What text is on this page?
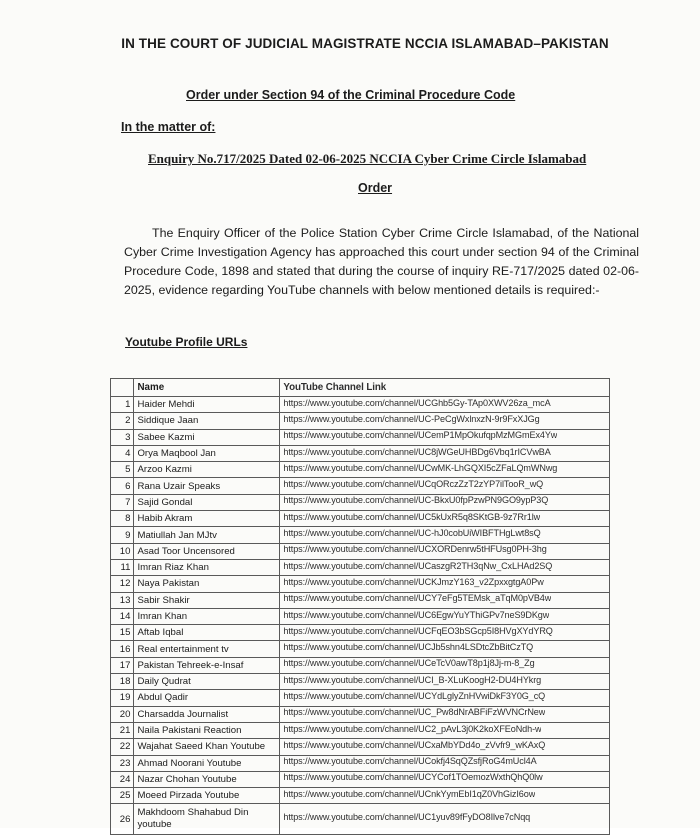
IN THE COURT OF JUDICIAL MAGISTRATE NCCIA ISLAMABAD–PAKISTAN
Order under Section 94 of the Criminal Procedure Code
In the matter of:
Enquiry No.717/2025 Dated 02-06-2025 NCCIA Cyber Crime Circle Islamabad
Order
The Enquiry Officer of the Police Station Cyber Crime Circle Islamabad, of the National Cyber Crime Investigation Agency has approached this court under section 94 of the Criminal Procedure Code, 1898 and stated that during the course of inquiry RE-717/2025 dated 02-06-2025, evidence regarding YouTube channels with below mentioned details is required:-
Youtube Profile URLs
	Name	YouTube Channel Link
1	Haider Mehdi	https://www.youtube.com/channel/UCGhb5Gy-TAp0XWV26za_mcA
2	Siddique Jaan	https://www.youtube.com/channel/UC-PeCgWxlnxzN-9r9FxXJGg
3	Sabee Kazmi	https://www.youtube.com/channel/UCemP1MpOkufqpMzMGmEx4Yw
4	Orya Maqbool Jan	https://www.youtube.com/channel/UC8jWGeUHBDg6Vbq1rICVwBA
5	Arzoo Kazmi	https://www.youtube.com/channel/UCwMK-LhGQXI5cZFaLQmWNwg
6	Rana Uzair Speaks	https://www.youtube.com/channel/UCqORczZzT2zYP7ilTooR_wQ
7	Sajid Gondal	https://www.youtube.com/channel/UC-BkxU0fpPzwPN9GO9ypP3Q
8	Habib Akram	https://www.youtube.com/channel/UC5kUxR5q8SKtGB-9z7Rr1lw
9	Matiullah Jan MJtv	https://www.youtube.com/channel/UC-hJ0cobUiWIBFTHgLwt8sQ
10	Asad Toor Uncensored	https://www.youtube.com/channel/UCXORDenrw5tHFUsg0PH-3hg
11	Imran Riaz Khan	https://www.youtube.com/channel/UCaszgR2TH3qNw_CxLHAd2SQ
12	Naya Pakistan	https://www.youtube.com/channel/UCKJmzY163_v2ZpxxgtgA0Pw
13	Sabir Shakir	https://www.youtube.com/channel/UCY7eFg5TEMsk_aTqM0pVB4w
14	Imran Khan	https://www.youtube.com/channel/UC6EgwYuYThiGPv7neS9DKgw
15	Aftab Iqbal	https://www.youtube.com/channel/UCFqEO3bSGcp5I8HVgXYdYRQ
16	Real entertainment tv	https://www.youtube.com/channel/UCJb5shn4LSDtcZbBitCzTQ
17	Pakistan Tehreek-e-Insaf	https://www.youtube.com/channel/UCeTcV0awT8p1j8Jj-m-8_Zg
18	Daily Qudrat	https://www.youtube.com/channel/UCI_B-XLuKoogH2-DU4HYkrg
19	Abdul Qadir	https://www.youtube.com/channel/UCYdLglyZnHVwiDkF3Y0G_cQ
20	Charsadda Journalist	https://www.youtube.com/channel/UC_Pw8dNrABFiFzWVNCrNew
21	Naila Pakistani Reaction	https://www.youtube.com/channel/UC2_pAvL3j0K2koXFEoNdh-w
22	Wajahat Saeed Khan Youtube	https://www.youtube.com/channel/UCxaMbYDd4o_zVvfr9_wKAxQ
23	Ahmad Noorani Youtube	https://www.youtube.com/channel/UCokfj4SqQZsfjRoG4mUcl4A
24	Nazar Chohan Youtube	https://www.youtube.com/channel/UCYCof1TOemozWxthQhQ0lw
25	Moeed Pirzada Youtube	https://www.youtube.com/channel/UCnkYymEbI1qZ0VhGizI6ow
26	Makhdoom Shahabud Din youtube	https://www.youtube.com/channel/UC1yuv89fFyDO8Ilve7cNqq
